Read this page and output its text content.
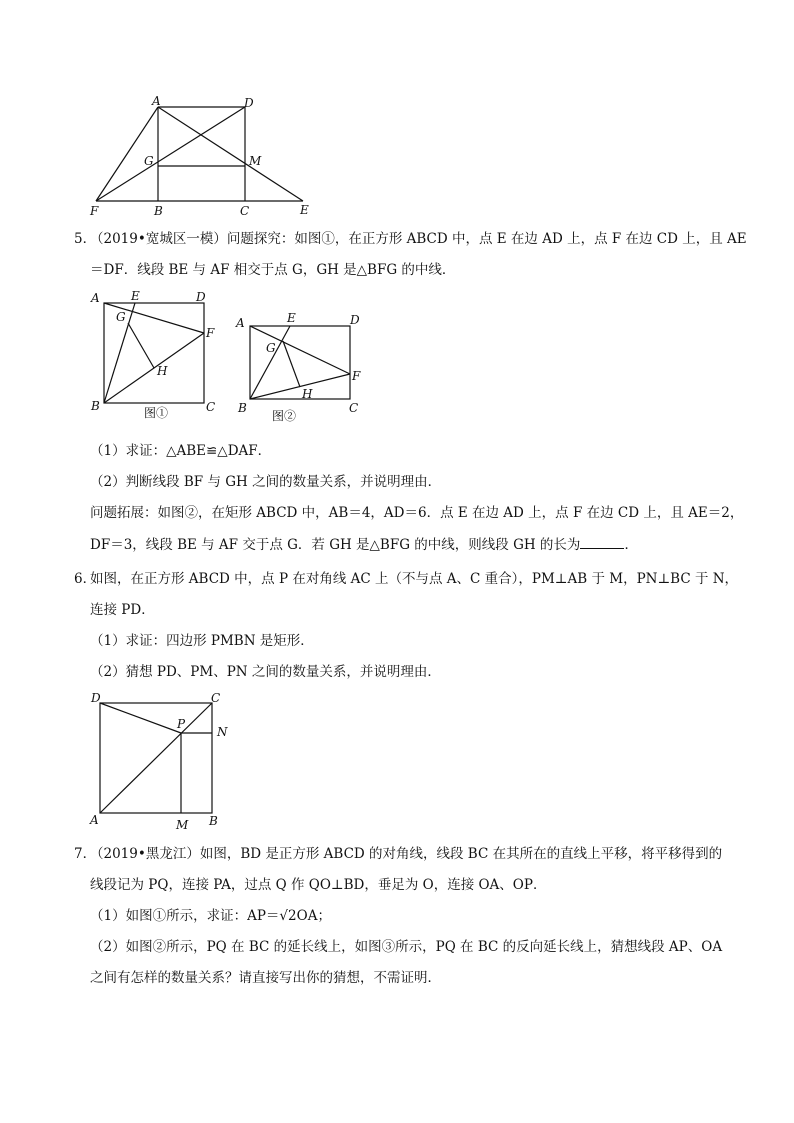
A	D
G	M
F	B	C	E
5．
（2019•宽城区一模）问题探究：如图①，在正方形 ABCD 中，点 E 在边 AD 上，点 F 在边 CD 上，且 AE
＝DF．线段 BE 与 AF 相交于点 G，GH 是△BFG 的中线．
A	E	D
G
F
H
B	C
图①
A	E	D
G
F
H
B	C
图②
（1）求证：△ABE≌△DAF．
（2）判断线段 BF 与 GH 之间的数量关系，并说明理由．
问题拓展：如图②，在矩形 ABCD 中，AB＝4，AD＝6．点 E 在边 AD 上，点 F 在边 CD 上，且 AE＝2，
DF＝3，线段 BE 与 AF 交于点 G．若 GH 是△BFG 的中线，则线段 GH 的长为	．
6．
如图，在正方形 ABCD 中，点 P 在对角线 AC 上（不与点 A、C 重合），PM⊥AB 于 M，PN⊥BC 于 N，
连接 PD．
（1）求证：四边形 PMBN 是矩形．
（2）猜想 PD、PM、PN 之间的数量关系，并说明理由．
D	C
P
N
A	M B
7．
（2019•黑龙江）如图，BD 是正方形 ABCD 的对角线，线段 BC 在其所在的直线上平移，将平移得到的
线段记为 PQ，连接 PA，过点 Q 作 QO⊥BD，垂足为 O，连接 OA、OP．
（1）如图①所示，求证：AP＝√2OA；
（2）如图②所示，PQ 在 BC 的延长线上，如图③所示，PQ 在 BC 的反向延长线上，猜想线段 AP、OA
之间有怎样的数量关系？请直接写出你的猜想，不需证明．
